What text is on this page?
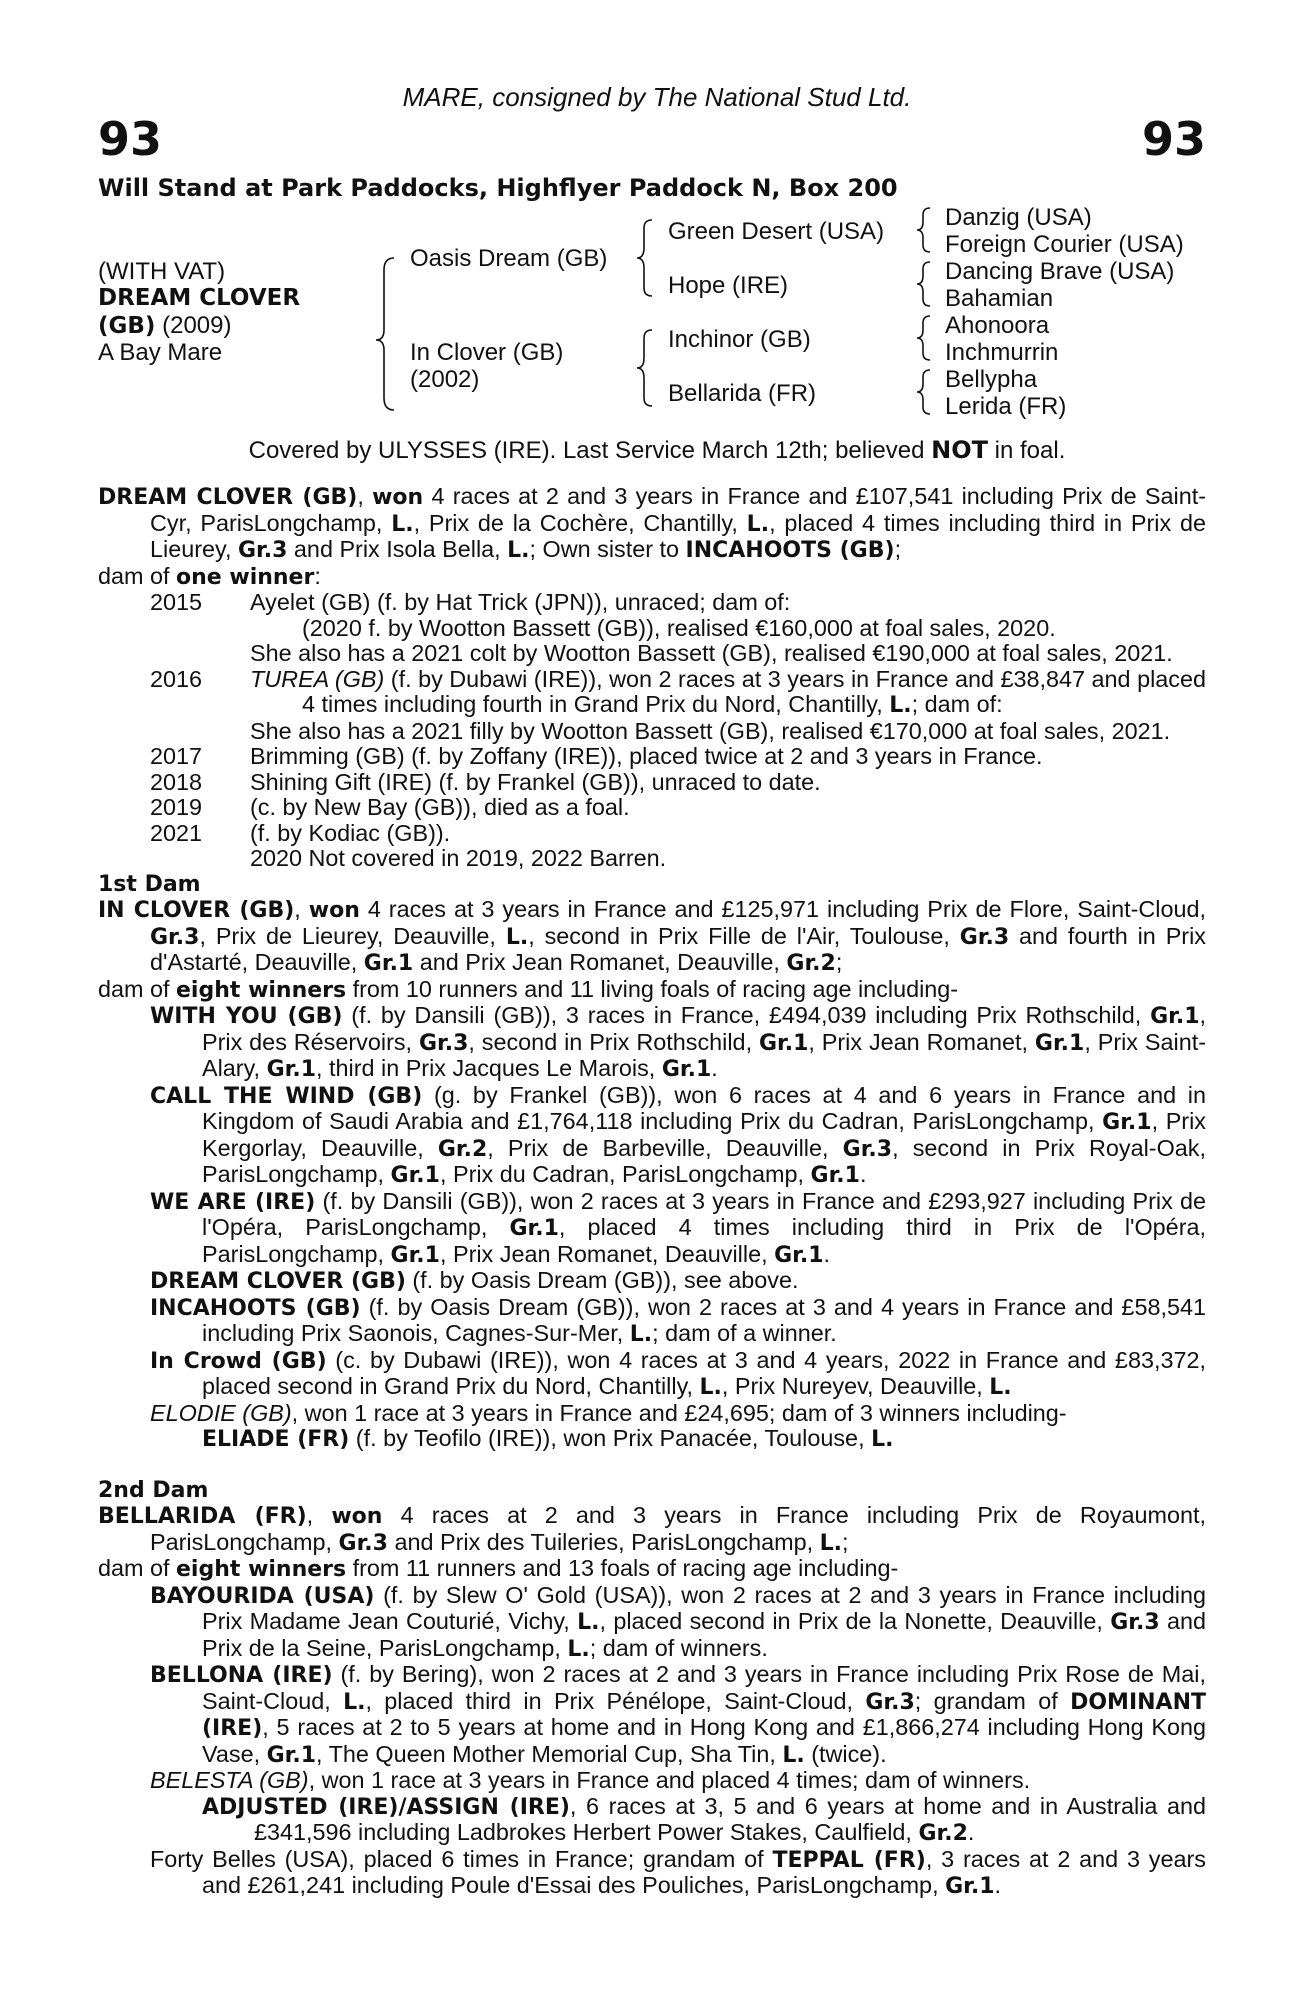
MARE, consigned by The National Stud Ltd.
93	93
Will Stand at Park Paddocks, Highflyer Paddock N, Box 200
(WITH VAT)
DREAM CLOVER
(GB) (2009)
A Bay Mare
Oasis Dream (GB)
In Clover (GB)
(2002)
Green Desert (USA)
Hope (IRE)
Inchinor (GB)
Bellarida (FR)
Danzig (USA)
Foreign Courier (USA)
Dancing Brave (USA)
Bahamian
Ahonoora
Inchmurrin
Bellypha
Lerida (FR)
Covered by ULYSSES (IRE). Last Service March 12th; believed NOT in foal.

DREAM CLOVER (GB), won 4 races at 2 and 3 years in France and £107,541 including Prix de Saint-Cyr, ParisLongchamp, L., Prix de la Cochère, Chantilly, L., placed 4 times including third in Prix de Lieurey, Gr.3 and Prix Isola Bella, L.; Own sister to INCAHOOTS (GB);

dam of one winner:

2015	Ayelet (GB) (f. by Hat Trick (JPN)), unraced; dam of:
(2020 f. by Wootton Bassett (GB)), realised €160,000 at foal sales, 2020.
She also has a 2021 colt by Wootton Bassett (GB), realised €190,000 at foal sales, 2021.
2016	TUREA (GB) (f. by Dubawi (IRE)), won 2 races at 3 years in France and £38,847 and placed 4 times including fourth in Grand Prix du Nord, Chantilly, L.; dam of:
She also has a 2021 filly by Wootton Bassett (GB), realised €170,000 at foal sales, 2021.
2017	Brimming (GB) (f. by Zoffany (IRE)), placed twice at 2 and 3 years in France.
2018	Shining Gift (IRE) (f. by Frankel (GB)), unraced to date.
2019	(c. by New Bay (GB)), died as a foal.
2021	(f. by Kodiac (GB)).
2020 Not covered in 2019, 2022 Barren.

1st Dam

IN CLOVER (GB), won 4 races at 3 years in France and £125,971 including Prix de Flore, Saint-Cloud, Gr.3, Prix de Lieurey, Deauville, L., second in Prix Fille de l'Air, Toulouse, Gr.3 and fourth in Prix d'Astarté, Deauville, Gr.1 and Prix Jean Romanet, Deauville, Gr.2;

dam of eight winners from 10 runners and 11 living foals of racing age including-

WITH YOU (GB) (f. by Dansili (GB)), 3 races in France, £494,039 including Prix Rothschild, Gr.1, Prix des Réservoirs, Gr.3, second in Prix Rothschild, Gr.1, Prix Jean Romanet, Gr.1, Prix Saint-Alary, Gr.1, third in Prix Jacques Le Marois, Gr.1.

CALL THE WIND (GB) (g. by Frankel (GB)), won 6 races at 4 and 6 years in France and in Kingdom of Saudi Arabia and £1,764,118 including Prix du Cadran, ParisLongchamp, Gr.1, Prix Kergorlay, Deauville, Gr.2, Prix de Barbeville, Deauville, Gr.3, second in Prix Royal-Oak, ParisLongchamp, Gr.1, Prix du Cadran, ParisLongchamp, Gr.1.

WE ARE (IRE) (f. by Dansili (GB)), won 2 races at 3 years in France and £293,927 including Prix de l'Opéra, ParisLongchamp, Gr.1, placed 4 times including third in Prix de l'Opéra, ParisLongchamp, Gr.1, Prix Jean Romanet, Deauville, Gr.1.

DREAM CLOVER (GB) (f. by Oasis Dream (GB)), see above.

INCAHOOTS (GB) (f. by Oasis Dream (GB)), won 2 races at 3 and 4 years in France and £58,541 including Prix Saonois, Cagnes-Sur-Mer, L.; dam of a winner.

In Crowd (GB) (c. by Dubawi (IRE)), won 4 races at 3 and 4 years, 2022 in France and £83,372, placed second in Grand Prix du Nord, Chantilly, L., Prix Nureyev, Deauville, L.

ELODIE (GB), won 1 race at 3 years in France and £24,695; dam of 3 winners including-

ELIADE (FR) (f. by Teofilo (IRE)), won Prix Panacée, Toulouse, L.

2nd Dam

BELLARIDA (FR), won 4 races at 2 and 3 years in France including Prix de Royaumont, ParisLongchamp, Gr.3 and Prix des Tuileries, ParisLongchamp, L.;

dam of eight winners from 11 runners and 13 foals of racing age including-

BAYOURIDA (USA) (f. by Slew O' Gold (USA)), won 2 races at 2 and 3 years in France including Prix Madame Jean Couturié, Vichy, L., placed second in Prix de la Nonette, Deauville, Gr.3 and Prix de la Seine, ParisLongchamp, L.; dam of winners.

BELLONA (IRE) (f. by Bering), won 2 races at 2 and 3 years in France including Prix Rose de Mai, Saint-Cloud, L., placed third in Prix Pénélope, Saint-Cloud, Gr.3; grandam of DOMINANT (IRE), 5 races at 2 to 5 years at home and in Hong Kong and £1,866,274 including Hong Kong Vase, Gr.1, The Queen Mother Memorial Cup, Sha Tin, L. (twice).

BELESTA (GB), won 1 race at 3 years in France and placed 4 times; dam of winners.

ADJUSTED (IRE)/ASSIGN (IRE), 6 races at 3, 5 and 6 years at home and in Australia and £341,596 including Ladbrokes Herbert Power Stakes, Caulfield, Gr.2.

Forty Belles (USA), placed 6 times in France; grandam of TEPPAL (FR), 3 races at 2 and 3 years and £261,241 including Poule d'Essai des Pouliches, ParisLongchamp, Gr.1.
